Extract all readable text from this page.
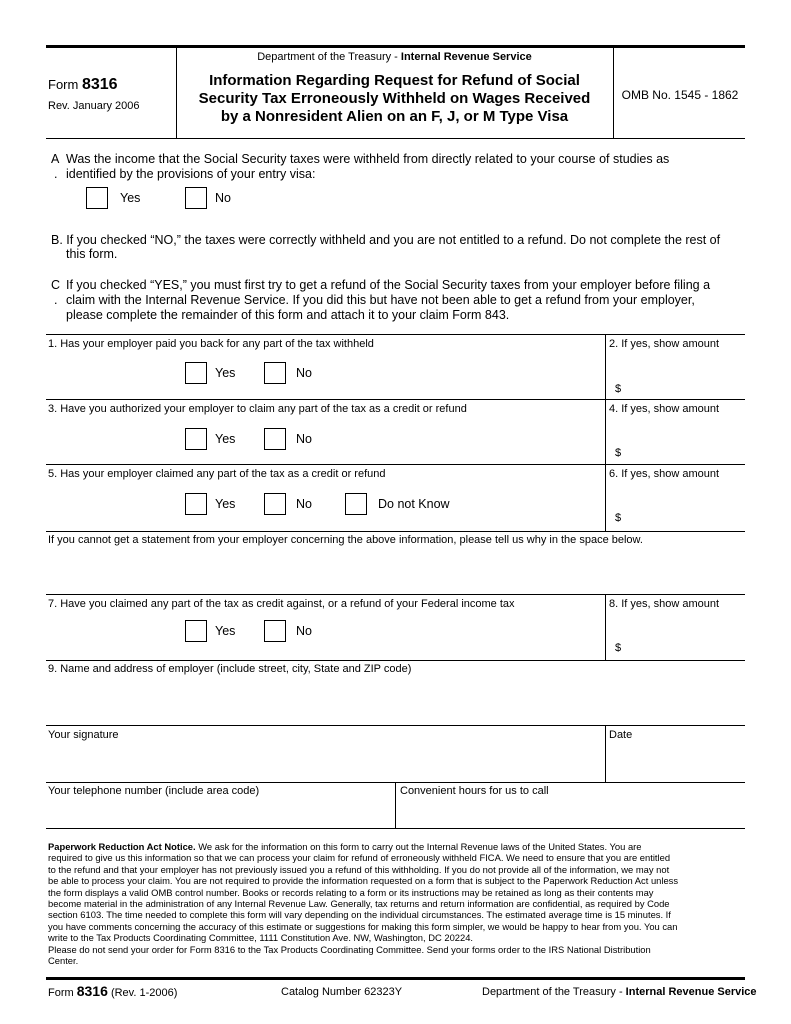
Form 8316
Rev. January 2006
Department of the Treasury - Internal Revenue Service
Information Regarding Request for Refund of Social
Security Tax Erroneously Withheld on Wages Received
by a Nonresident Alien on an F, J, or M Type Visa
OMB No. 1545 - 1862
A
.
Was the income that the Social Security taxes were withheld from directly related to your course of studies as
identified by the provisions of your entry visa:
Yes	No
B. If you checked “NO,” the taxes were correctly withheld and you are not entitled to a refund. Do not complete the rest of
this form.
C
.
If you checked “YES,” you must first try to get a refund of the Social Security taxes from your employer before filing a
claim with the Internal Revenue Service. If you did this but have not been able to get a refund from your employer,
please complete the remainder of this form and attach it to your claim Form 843.
1. Has your employer paid you back for any part of the tax withheld	2. If yes, show amount
Yes	No
$
3. Have you authorized your employer to claim any part of the tax as a credit or refund	4. If yes, show amount
Yes	No
$
5. Has your employer claimed any part of the tax as a credit or refund	6. If yes, show amount
Yes	No	Do not Know
$
If you cannot get a statement from your employer concerning the above information, please tell us why in the space below.
7. Have you claimed any part of the tax as credit against, or a refund of your Federal income tax	8. If yes, show amount
Yes	No
$
9. Name and address of employer (include street, city, State and ZIP code)
Your signature	Date
Your telephone number (include area code)	Convenient hours for us to call
Paperwork Reduction Act Notice. We ask for the information on this form to carry out the Internal Revenue laws of the United States. You are
required to give us this information so that we can process your claim for refund of erroneously withheld FICA. We need to ensure that you are entitled
to the refund and that your employer has not previously issued you a refund of this withholding. If you do not provide all of the information, we may not
be able to process your claim. You are not required to provide the information requested on a form that is subject to the Paperwork Reduction Act unless
the form displays a valid OMB control number. Books or records relating to a form or its instructions may be retained as long as their contents may
become material in the administration of any Internal Revenue Law. Generally, tax returns and return information are confidential, as required by Code
section 6103. The time needed to complete this form will vary depending on the individual circumstances. The estimated average time is 15 minutes. If
you have comments concerning the accuracy of this estimate or suggestions for making this form simpler, we would be happy to hear from you. You can
write to the Tax Products Coordinating Committee, 1111 Constitution Ave. NW, Washington, DC 20224.
Please do not send your order for Form 8316 to the Tax Products Coordinating Committee. Send your forms order to the IRS National Distribution
Center.
Form 8316 (Rev. 1-2006)	Catalog Number 62323Y	Department of the Treasury - Internal Revenue Service
